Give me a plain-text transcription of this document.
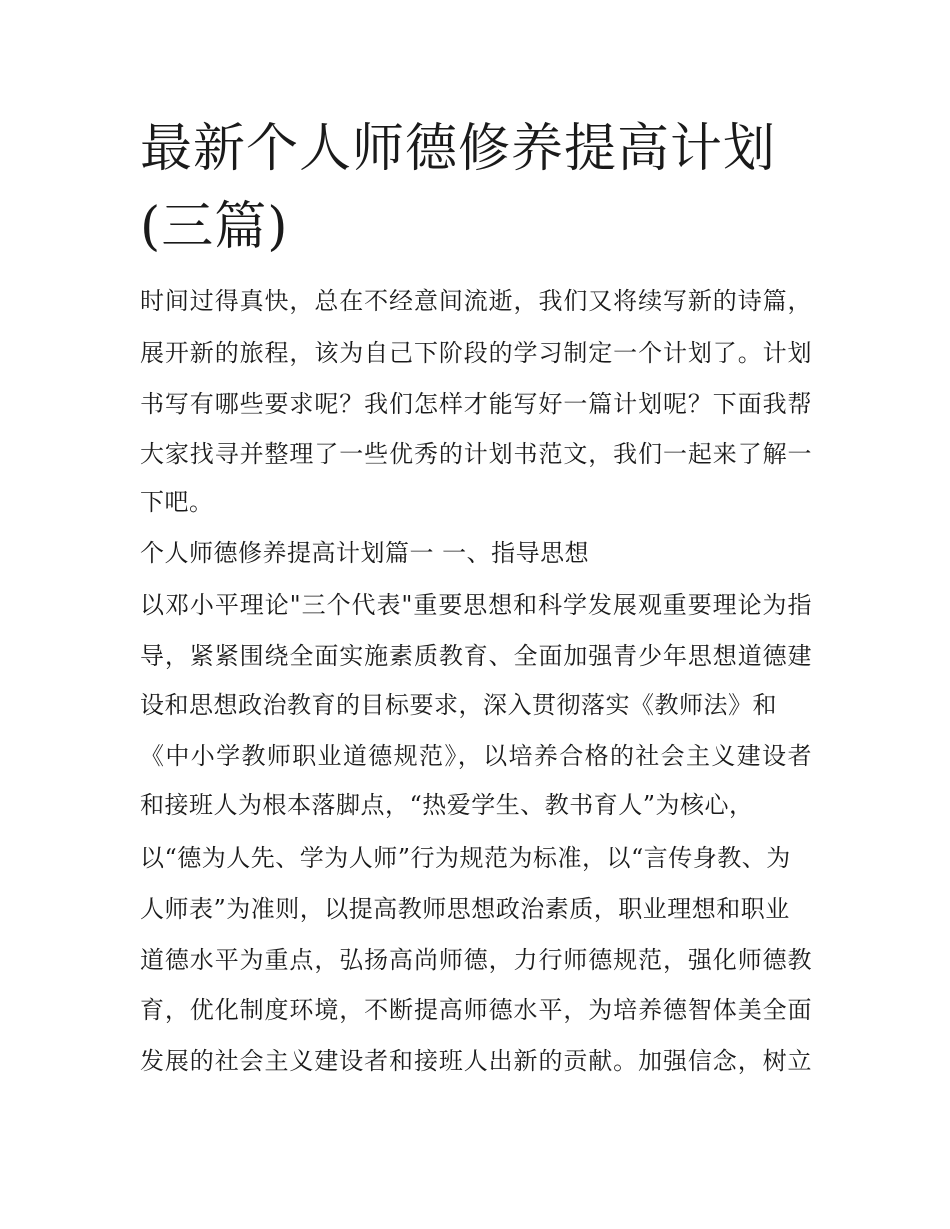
最新个人师德修养提高计划(三篇)

时间过得真快，总在不经意间流逝，我们又将续写新的诗篇，

展开新的旅程，该为自己下阶段的学习制定一个计划了。计划

书写有哪些要求呢？我们怎样才能写好一篇计划呢？下面我帮

大家找寻并整理了一些优秀的计划书范文，我们一起来了解一

下吧。

个人师德修养提高计划篇一 一、指导思想

以邓小平理论"三个代表"重要思想和科学发展观重要理论为指

导，紧紧围绕全面实施素质教育、全面加强青少年思想道德建

设和思想政治教育的目标要求，深入贯彻落实《教师法》和

《中小学教师职业道德规范》，以培养合格的社会主义建设者

和接班人为根本落脚点，“热爱学生、教书育人”为核心，

以“德为人先、学为人师”行为规范为标准，以“言传身教、为

人师表”为准则，以提高教师思想政治素质，职业理想和职业

道德水平为重点，弘扬高尚师德，力行师德规范，强化师德教

育，优化制度环境，不断提高师德水平，为培养德智体美全面

发展的社会主义建设者和接班人出新的贡献。加强信念，树立
